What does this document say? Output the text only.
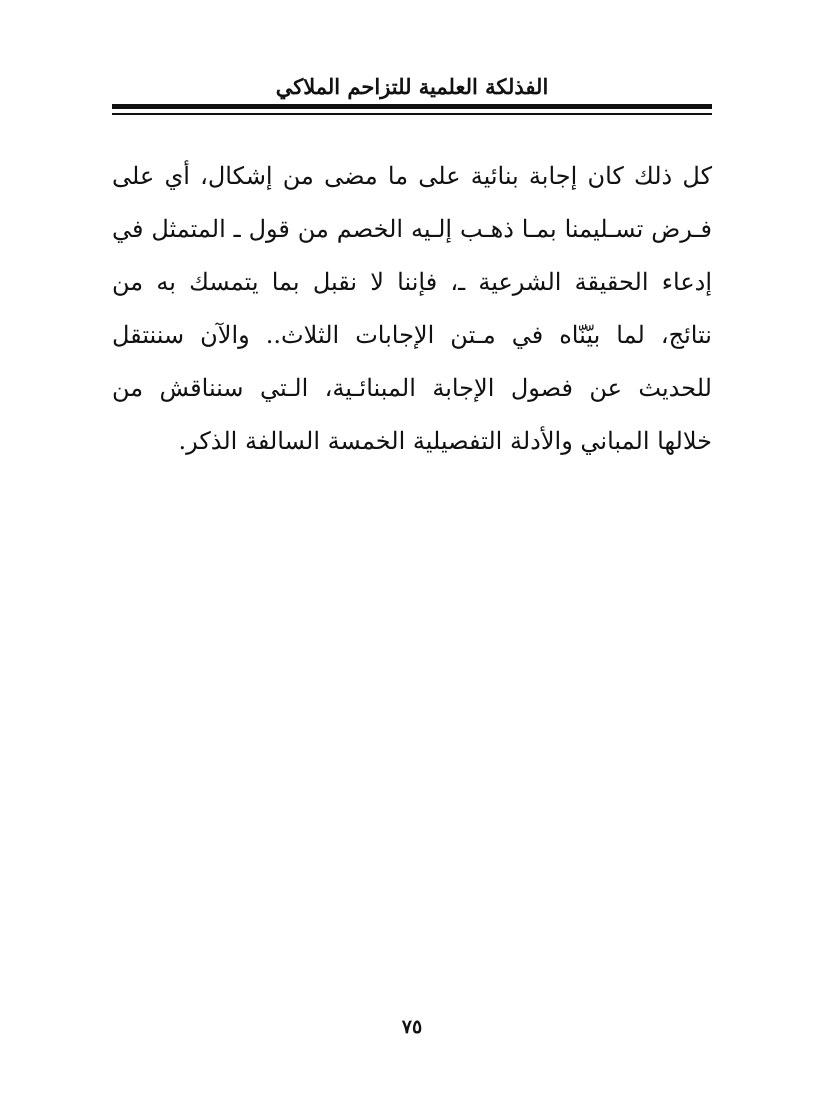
الفذلكة العلمية للتزاحم الملاكي

كل ذلك كان إجابة بنائية على ما مضى من إشكال، أي على فـرض تسـليمنا بمـا ذهـب إلـيه الخصم من قول ـ المتمثل في إدعاء الحقيقة الشرعية ـ، فإننا لا نقبل بما يتمسك به من نتائج، لما بيّنّاه في مـتن الإجابات الثلاث.. والآن سننتقل للحديث عن فصول الإجابة المبنائـية، الـتي سنناقش من خلالها المباني والأدلة التفصيلية الخمسة السالفة الذكر.

٧٥
